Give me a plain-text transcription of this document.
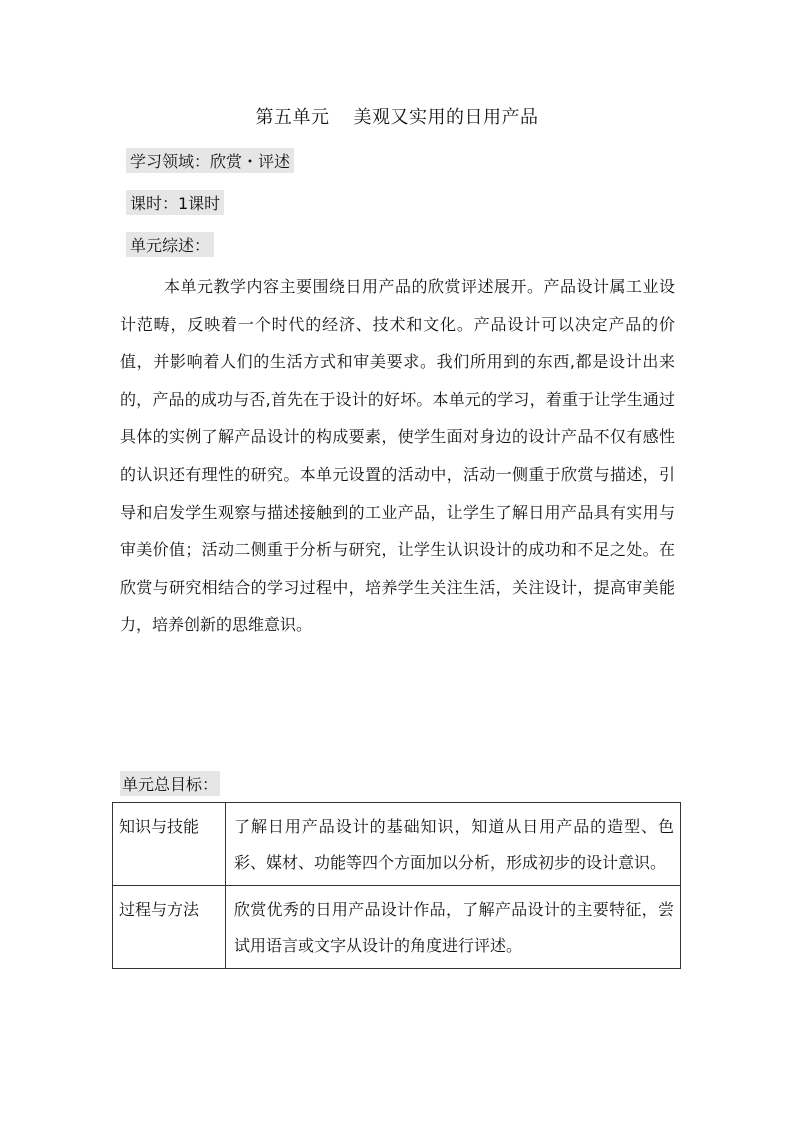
第五单元 美观又实用的日用产品
学习领域：欣赏・评述
课时：1课时
单元综述：
本单元教学内容主要围绕日用产品的欣赏评述展开。产品设计属工业设计范畴，反映着一个时代的经济、技术和文化。产品设计可以决定产品的价值，并影响着人们的生活方式和审美要求。我们所用到的东西,都是设计出来的，产品的成功与否,首先在于设计的好坏。本单元的学习，着重于让学生通过具体的实例了解产品设计的构成要素，使学生面对身边的设计产品不仅有感性的认识还有理性的研究。本单元设置的活动中，活动一侧重于欣赏与描述，引导和启发学生观察与描述接触到的工业产品，让学生了解日用产品具有实用与审美价值；活动二侧重于分析与研究，让学生认识设计的成功和不足之处。在欣赏与研究相结合的学习过程中，培养学生关注生活，关注设计，提高审美能力，培养创新的思维意识。
单元总目标：
知识与技能	了解日用产品设计的基础知识，知道从日用产品的造型、色彩、媒材、功能等四个方面加以分析，形成初步的设计意识。
过程与方法	欣赏优秀的日用产品设计作品，了解产品设计的主要特征，尝试用语言或文字从设计的角度进行评述。
